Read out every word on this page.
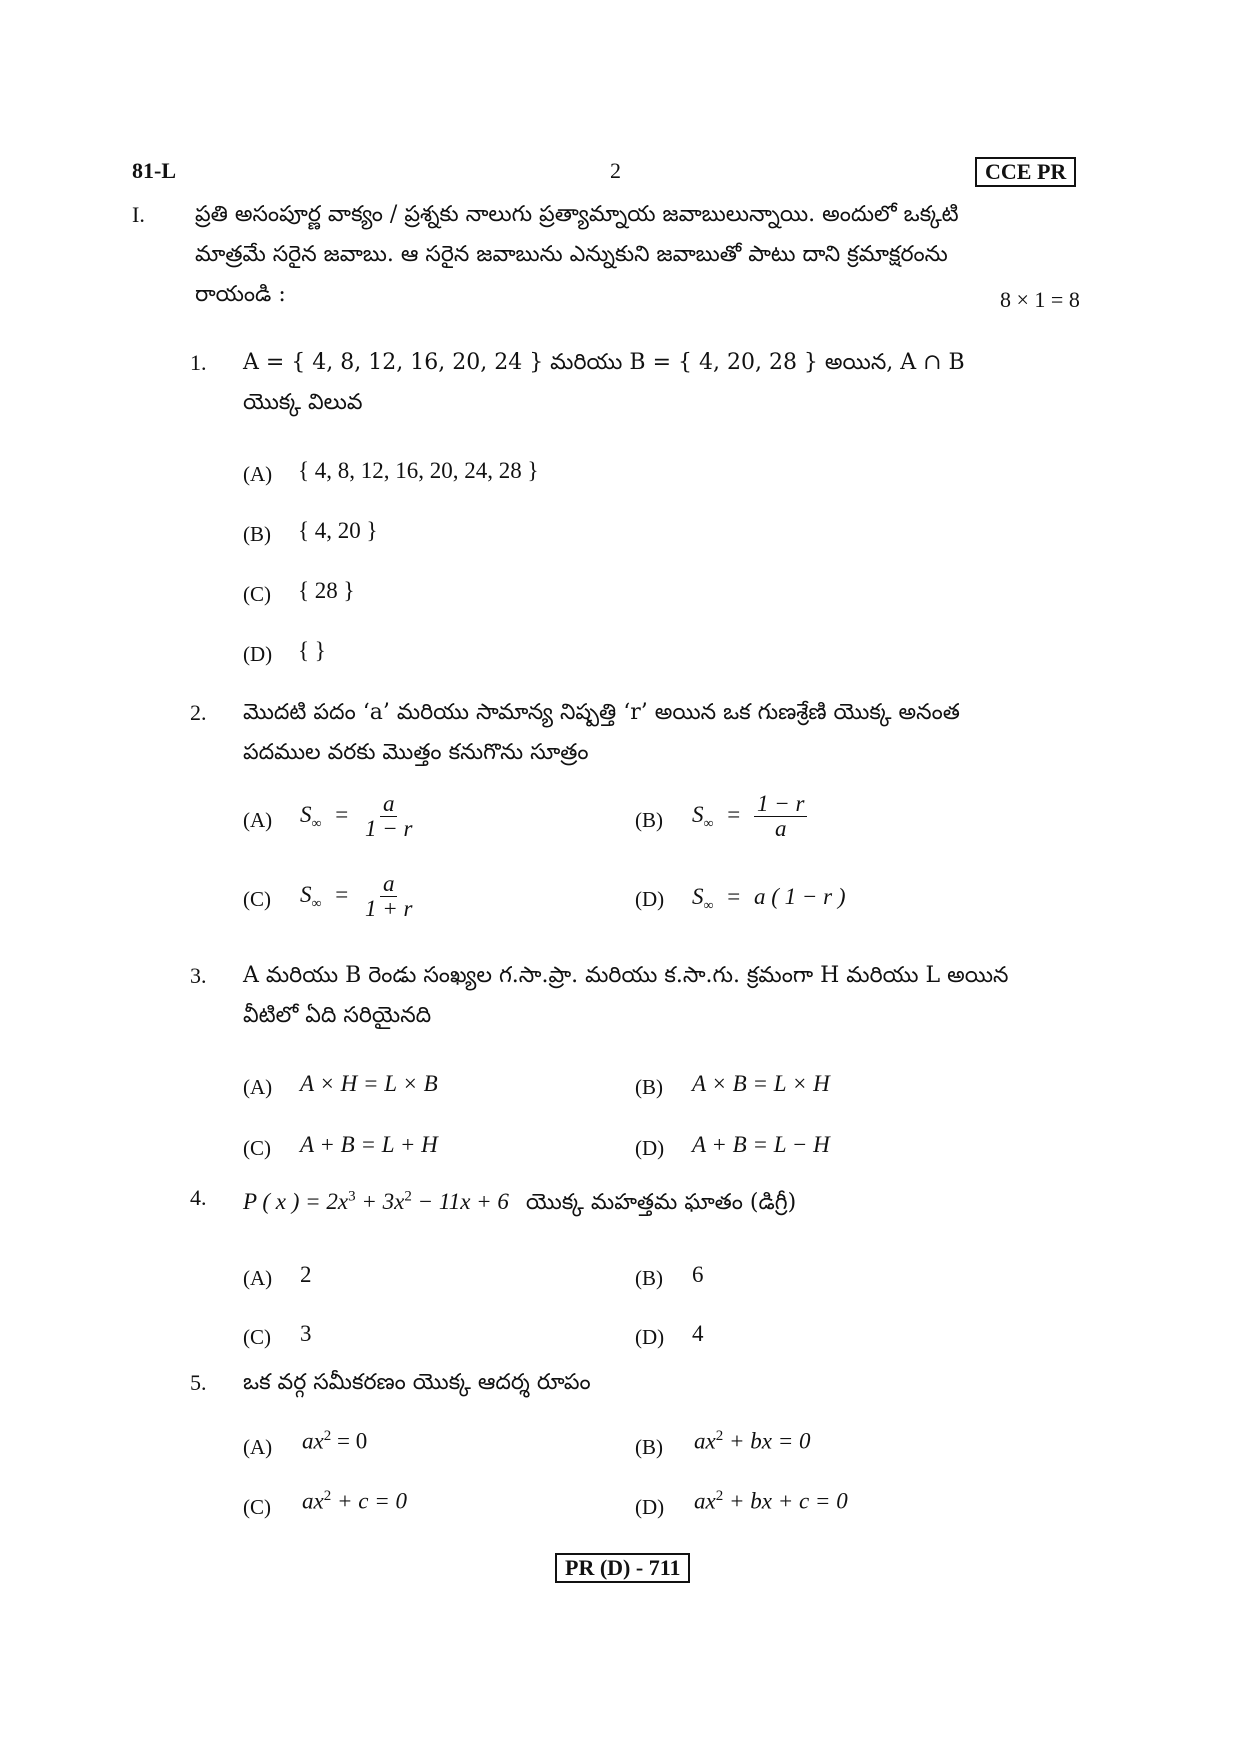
81-L	2	CCE PR
I. ప్రతి అసంపూర్ణ వాక్యం / ప్రశ్నకు నాలుగు ప్రత్యామ్నాయ జవాబులున్నాయి. అందులో ఒక్కటి
మాత్రమే సరైన జవాబు. ఆ సరైన జవాబును ఎన్నుకుని జవాబుతో పాటు దాని క్రమాక్షరంను
రాయండి :	8 × 1 = 8
1. A = { 4, 8, 12, 16, 20, 24 } మరియు B = { 4, 20, 28 } అయిన, A ∩ B
యొక్క విలువ
(A) { 4, 8, 12, 16, 20, 24, 28 }
(B) { 4, 20 }
(C) { 28 }
(D) { }
2. మొదటి పదం ‘a’ మరియు సామాన్య నిష్పత్తి ‘r’ అయిన ఒక గుణశ్రేణి యొక్క అనంత
పదముల వరకు మొత్తం కనుగొను సూత్రం
(A) $S_\infty = \frac{a}{1 - r}$	(B) $S_\infty = \frac{1 - r}{a}$
(C) $S_\infty = \frac{a}{1 + r}$	(D) $S_\infty = a$ ( 1 − r )
3. A మరియు B రెండు సంఖ్యల గ.సా.ప్రా. మరియు క.సా.గు. క్రమంగా H మరియు L అయిన
వీటిలో ఏది సరియైనది
(A) A × H = L × B	(B) A × B = L × H
(C) A + B = L + H	(D) A + B = L − H
4. P ( x ) = $2x^3 + 3x^2 - 11x + 6$ యొక్క మహత్తమ ఘాతం (డిగ్రీ)
(A) 2	(B) 6
(C) 3	(D) 4
5. ఒక వర్గ సమీకరణం యొక్క ఆదర్శ రూపం
(A) $ax^2 = 0$	(B) $ax^2$ + bx = 0
(C) $ax^2 + c = 0$	(D) $ax^2$ + bx + c = 0
PR (D) - 711
